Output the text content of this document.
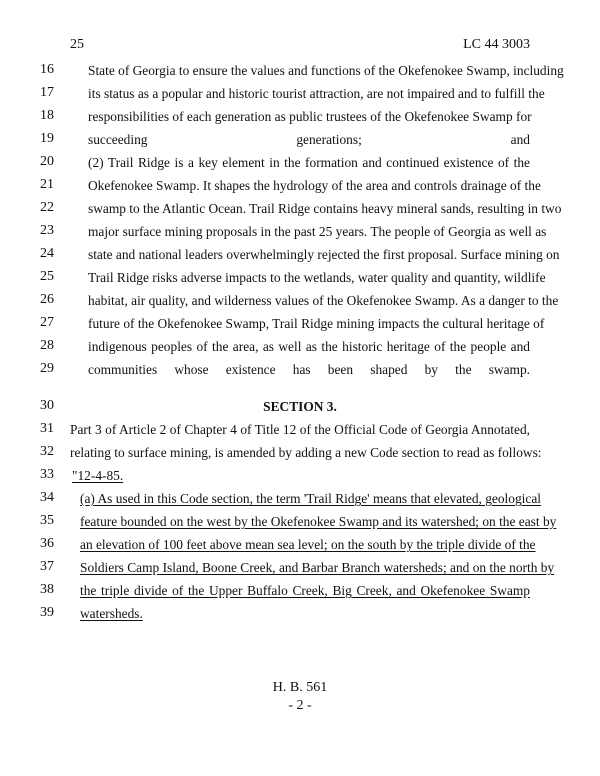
25	LC 44 3003
16	State of Georgia to ensure the values and functions of the Okefenokee Swamp, including
17	its status as a popular and historic tourist attraction, are not impaired and to fulfill the
18	responsibilities of each generation as public trustees of the Okefenokee Swamp for
19	succeeding generations; and
20	(2) Trail Ridge is a key element in the formation and continued existence of the
21	Okefenokee Swamp. It shapes the hydrology of the area and controls drainage of the
22	swamp to the Atlantic Ocean. Trail Ridge contains heavy mineral sands, resulting in two
23	major surface mining proposals in the past 25 years. The people of Georgia as well as
24	state and national leaders overwhelmingly rejected the first proposal. Surface mining on
25	Trail Ridge risks adverse impacts to the wetlands, water quality and quantity, wildlife
26	habitat, air quality, and wilderness values of the Okefenokee Swamp. As a danger to the
27	future of the Okefenokee Swamp, Trail Ridge mining impacts the cultural heritage of
28	indigenous peoples of the area, as well as the historic heritage of the people and
29	communities whose existence has been shaped by the swamp.
30	SECTION 3.
31	Part 3 of Article 2 of Chapter 4 of Title 12 of the Official Code of Georgia Annotated,
32	relating to surface mining, is amended by adding a new Code section to read as follows:
33	"12-4-85.
34	(a) As used in this Code section, the term 'Trail Ridge' means that elevated, geological
35	feature bounded on the west by the Okefenokee Swamp and its watershed; on the east by
36	an elevation of 100 feet above mean sea level; on the south by the triple divide of the
37	Soldiers Camp Island, Boone Creek, and Barbar Branch watersheds; and on the north by
38	the triple divide of the Upper Buffalo Creek, Big Creek, and Okefenokee Swamp
39	watersheds.
H. B. 561
- 2 -
